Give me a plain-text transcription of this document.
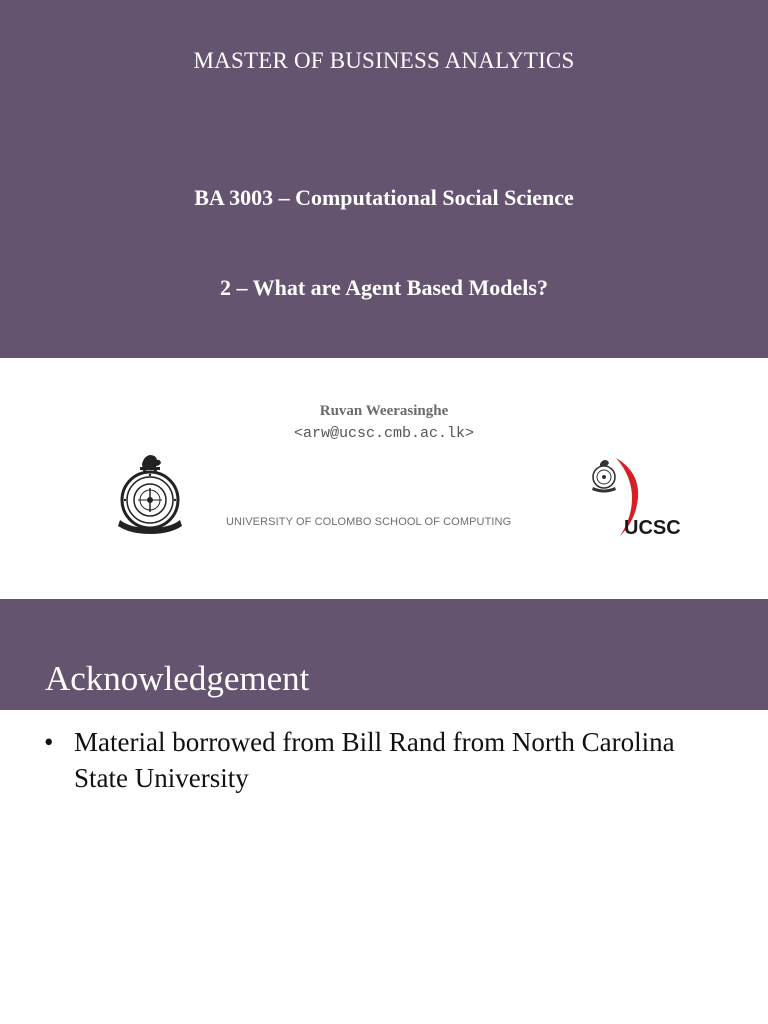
MASTER OF BUSINESS ANALYTICS
BA 3003 – Computational Social Science
2 – What are Agent Based Models?
Ruvan Weerasinghe
<arw@ucsc.cmb.ac.lk>
UNIVERSITY OF COLOMBO SCHOOL OF COMPUTING	UCSC
Acknowledgement
• Material borrowed from Bill Rand from North Carolina State University
